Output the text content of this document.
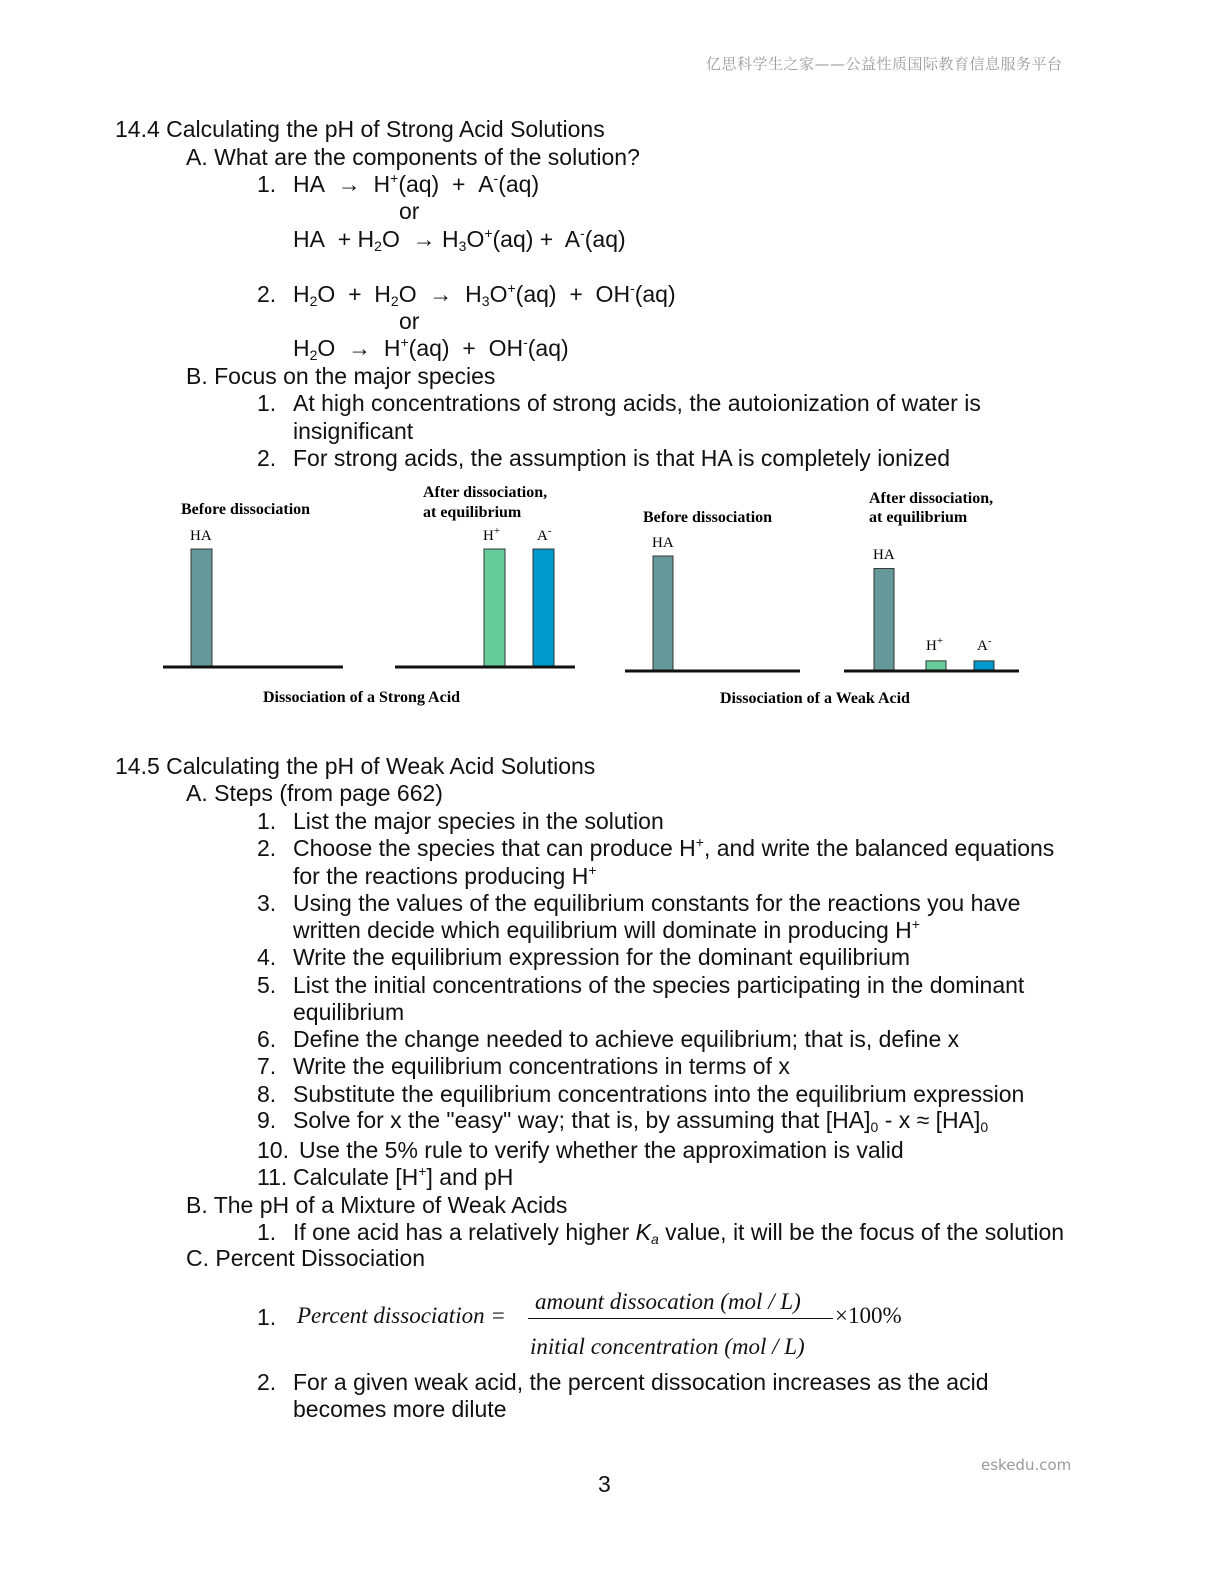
亿思科学生之家——公益性质国际教育信息服务平台
14.4 Calculating the pH of Strong Acid Solutions
A. What are the components of the solution?
1. HA  →  H+(aq)  +  A-(aq)
or
HA  + $H_2O \to H_3O^+(aq) + A^-(aq)$
2. $H_2O + H_2O \to H_3O^+(aq) + OH^-(aq)$
or
$H_2O \to H^+(aq) + OH^-(aq)$
B. Focus on the major species
1. At high concentrations of strong acids, the autoionization of water is
insignificant
2. For strong acids, the assumption is that HA is completely ionized
Before dissociation
HA
After dissociation,
at equilibrium
H+ A-
Dissociation of a Strong Acid
Before dissociation
HA
After dissociation,
at equilibrium
HA
H+ A-
Dissociation of a Weak Acid
14.5 Calculating the pH of Weak Acid Solutions
A. Steps (from page 662)
1. List the major species in the solution
2. Choose the species that can produce H+, and write the balanced equations
for the reactions producing H+
3. Using the values of the equilibrium constants for the reactions you have
written decide which equilibrium will dominate in producing H+
4. Write the equilibrium expression for the dominant equilibrium
5. List the initial concentrations of the species participating in the dominant
equilibrium
6. Define the change needed to achieve equilibrium; that is, define x
7. Write the equilibrium concentrations in terms of x
8. Substitute the equilibrium concentrations into the equilibrium expression
9. Solve for x the "easy" way; that is, by assuming that $[HA]_0 - x \approx [HA]_0$
10. Use the 5% rule to verify whether the approximation is valid
11. Calculate [H+] and pH
B. The pH of a Mixture of Weak Acids
1. If one acid has a relatively higher $K_a$ value, it will be the focus of the solution
C. Percent Dissociation
1. Percent dissociation =
amount dissocation (mol / L)
initial concentration (mol / L)
×100%
2. For a given weak acid, the percent dissocation increases as the acid
becomes more dilute
eskedu.com
3
